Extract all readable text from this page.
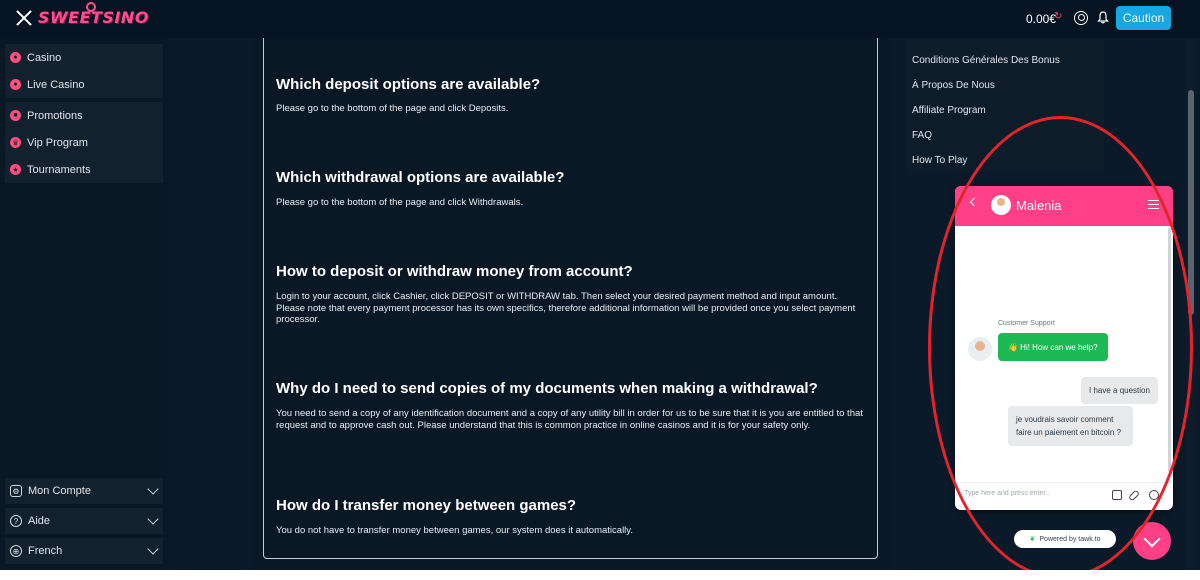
SWEETSINO	0.00€
↻	Caution
● Casino
● Live Casino
■ Promotions
♛ Vip Program
★ Tournaments
⚙ Mon Compte
? Aide
⊕ French
Which deposit options are available?
Please go to the bottom of the page and click Deposits.
Which withdrawal options are available?
Please go to the bottom of the page and click Withdrawals.
How to deposit or withdraw money from account?
Login to your account, click Cashier, click DEPOSIT or WITHDRAW tab. Then select your desired payment method and input amount. Please note that every payment processor has its own specifics, therefore additional information will be provided once you select payment processor.
Why do I need to send copies of my documents when making a withdrawal?
You need to send a copy of any identification document and a copy of any utility bill in order for us to be sure that it is you are entitled to that request and to approve cash out. Please understand that this is common practice in online casinos and it is for your safety only.
How do I transfer money between games?
You do not have to transfer money between games, our system does it automatically.
Conditions Générales Des Bonus
À Propos De Nous
Affiliate Program
FAQ
How To Play
Malenia
Customer Support
👋 Hi! How can we help?
I have a question
je voudrais savoir comment faire un paiement en bitcoin ?
Type here and press enter..
❦ Powered by tawk.to
